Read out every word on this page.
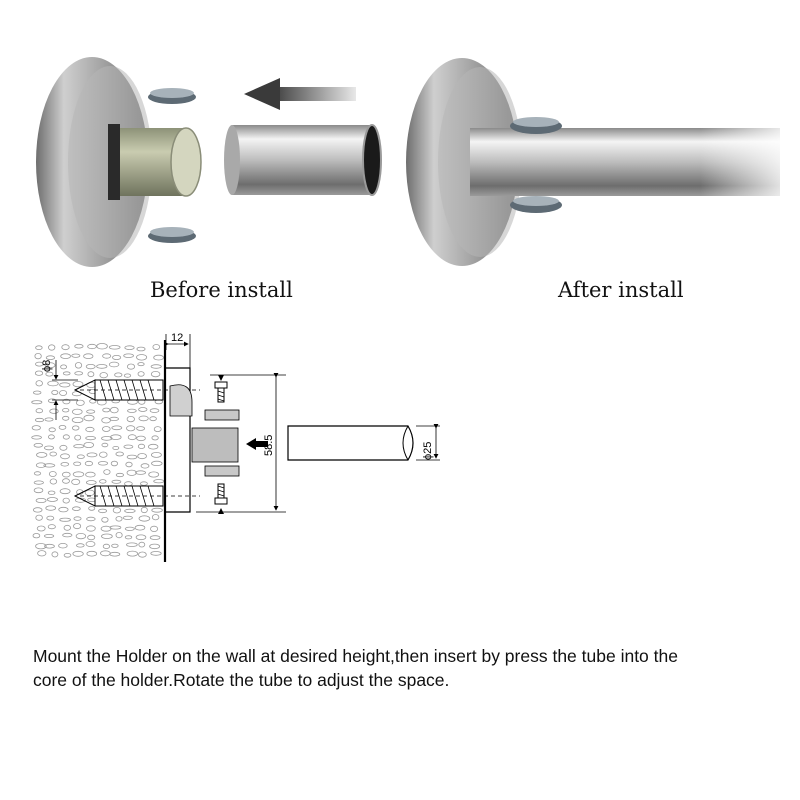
Before install	After install
12
ϕ8
58.5	ϕ25
Mount the Holder on the wall at desired height,then insert by press the tube into the
core of the holder.Rotate the tube to adjust the space.
